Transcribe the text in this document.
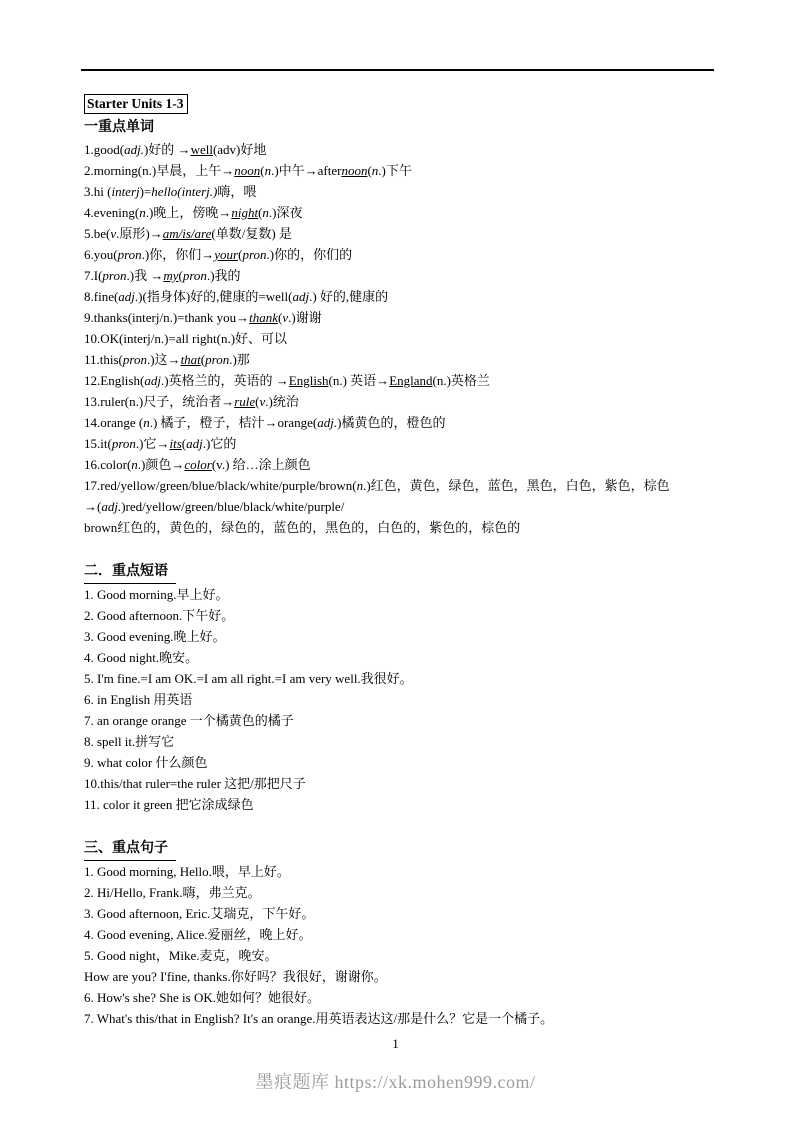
Starter Units 1-3
一重点单词

1.good(adj.)好的 →well(adv)好地

2.morning(n.)早晨，上午→noon(n.)中午→afternoon(n.)下午

3.hi (interj)=hello(interj.)嗨，喂

4.evening(n.)晚上，傍晚→night(n.)深夜

5.be(v.原形)→am/is/are(单数/复数) 是

6.you(pron.)你，你们→your(pron.)你的，你们的

7.I(pron.)我 →my(pron.)我的

8.fine(adj.)(指身体)好的,健康的=well(adj.) 好的,健康的

9.thanks(interj/n.)=thank you→thank(v.)谢谢

10.OK(interj/n.)=all right(n.)好、可以

11.this(pron.)这→that(pron.)那

12.English(adj.)英格兰的，英语的 →English(n.) 英语→England(n.)英格兰

13.ruler(n.)尺子，统治者→rule(v.)统治

14.orange (n.) 橘子，橙子，桔汁→orange(adj.)橘黄色的，橙色的

15.it(pron.)它→its(adj.)它的

16.color(n.)颜色→color(v.) 给…涂上颜色

17.red/yellow/green/blue/black/white/purple/brown(n.)红色，黄色，绿色，蓝色，黑色，白色，紫色，棕色

→(adj.)red/yellow/green/blue/black/white/purple/

brown红色的，黄色的，绿色的，蓝色的，黑色的，白色的，紫色的，棕色的

二．重点短语

1. Good morning.早上好。

2. Good afternoon.下午好。

3. Good evening.晚上好。

4. Good night.晚安。

5. I'm fine.=I am OK.=I am all right.=I am very well.我很好。

6. in English 用英语

7. an orange orange 一个橘黄色的橘子

8. spell it.拼写它

9. what color 什么颜色

10.this/that ruler=the ruler 这把/那把尺子

11. color it green 把它涂成绿色

三、重点句子

1. Good morning, Hello.喂，早上好。

2. Hi/Hello, Frank.嗨，弗兰克。

3. Good afternoon, Eric.艾瑞克，下午好。

4. Good evening, Alice.爱丽丝，晚上好。

5. Good night，Mike.麦克，晚安。

How are you? I'fine, thanks.你好吗？我很好，谢谢你。

6. How's she? She is OK.她如何？她很好。

7. What's this/that in English? It's an orange.用英语表达这/那是什么？它是一个橘子。

1
墨痕题库 https://xk.mohen999.com/
